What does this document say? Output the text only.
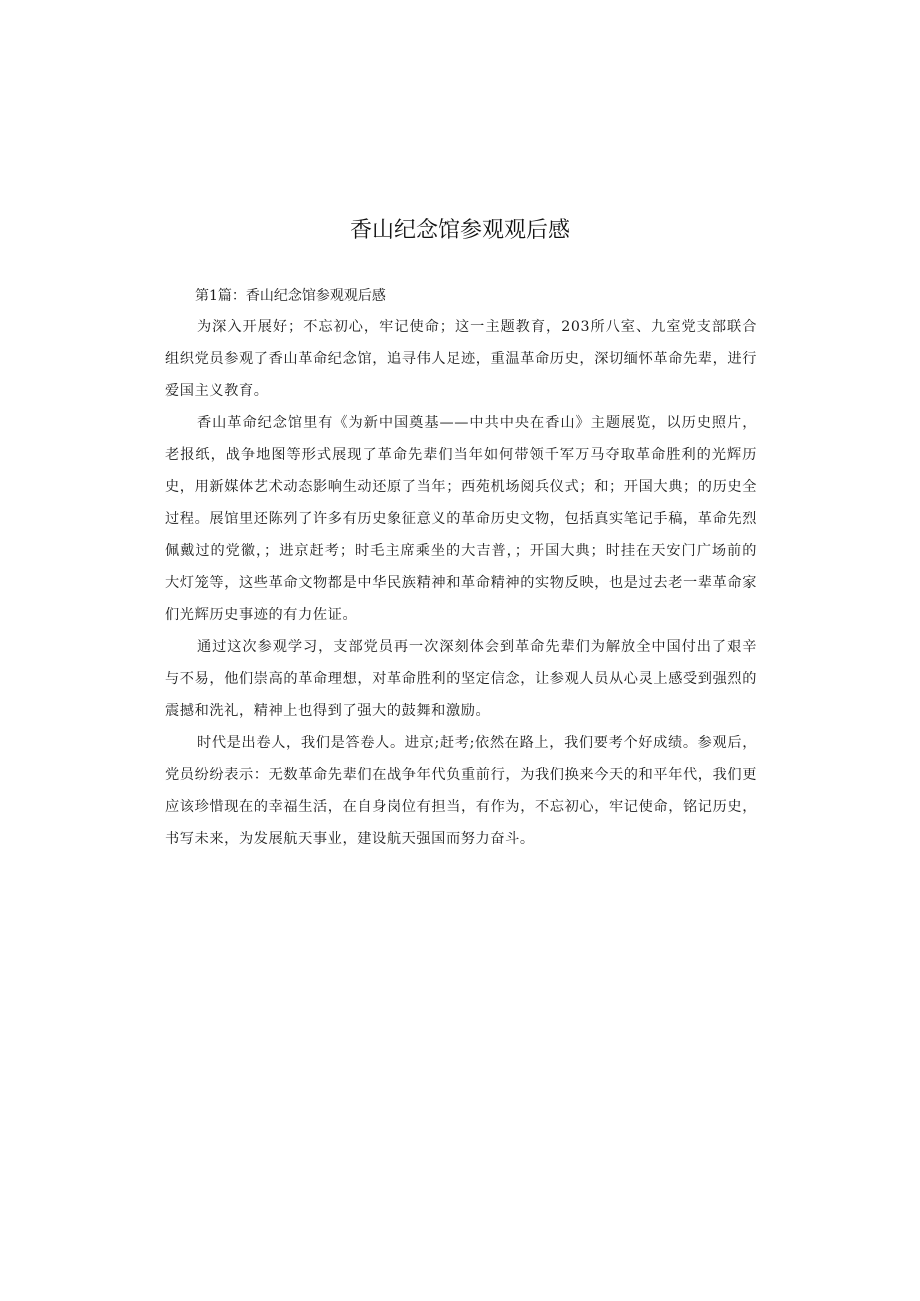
香山纪念馆参观观后感

第1篇：香山纪念馆参观观后感

为深入开展好；不忘初心，牢记使命；这一主题教育，203所八室、九室党支部联合组织党员参观了香山革命纪念馆，追寻伟人足迹，重温革命历史，深切缅怀革命先辈，进行爱国主义教育。

香山革命纪念馆里有《为新中国奠基——中共中央在香山》主题展览，以历史照片，老报纸，战争地图等形式展现了革命先辈们当年如何带领千军万马夺取革命胜利的光辉历史，用新媒体艺术动态影响生动还原了当年；西苑机场阅兵仪式；和；开国大典；的历史全过程。展馆里还陈列了许多有历史象征意义的革命历史文物，包括真实笔记手稿，革命先烈佩戴过的党徽，；进京赶考；时毛主席乘坐的大吉普，；开国大典；时挂在天安门广场前的大灯笼等，这些革命文物都是中华民族精神和革命精神的实物反映，也是过去老一辈革命家们光辉历史事迹的有力佐证。

通过这次参观学习，支部党员再一次深刻体会到革命先辈们为解放全中国付出了艰辛与不易，他们崇高的革命理想，对革命胜利的坚定信念，让参观人员从心灵上感受到强烈的震撼和洗礼，精神上也得到了强大的鼓舞和激励。

时代是出卷人，我们是答卷人。进京;赶考;依然在路上，我们要考个好成绩。参观后，党员纷纷表示：无数革命先辈们在战争年代负重前行，为我们换来今天的和平年代，我们更应该珍惜现在的幸福生活，在自身岗位有担当，有作为，不忘初心，牢记使命，铭记历史，书写未来，为发展航天事业，建设航天强国而努力奋斗。
